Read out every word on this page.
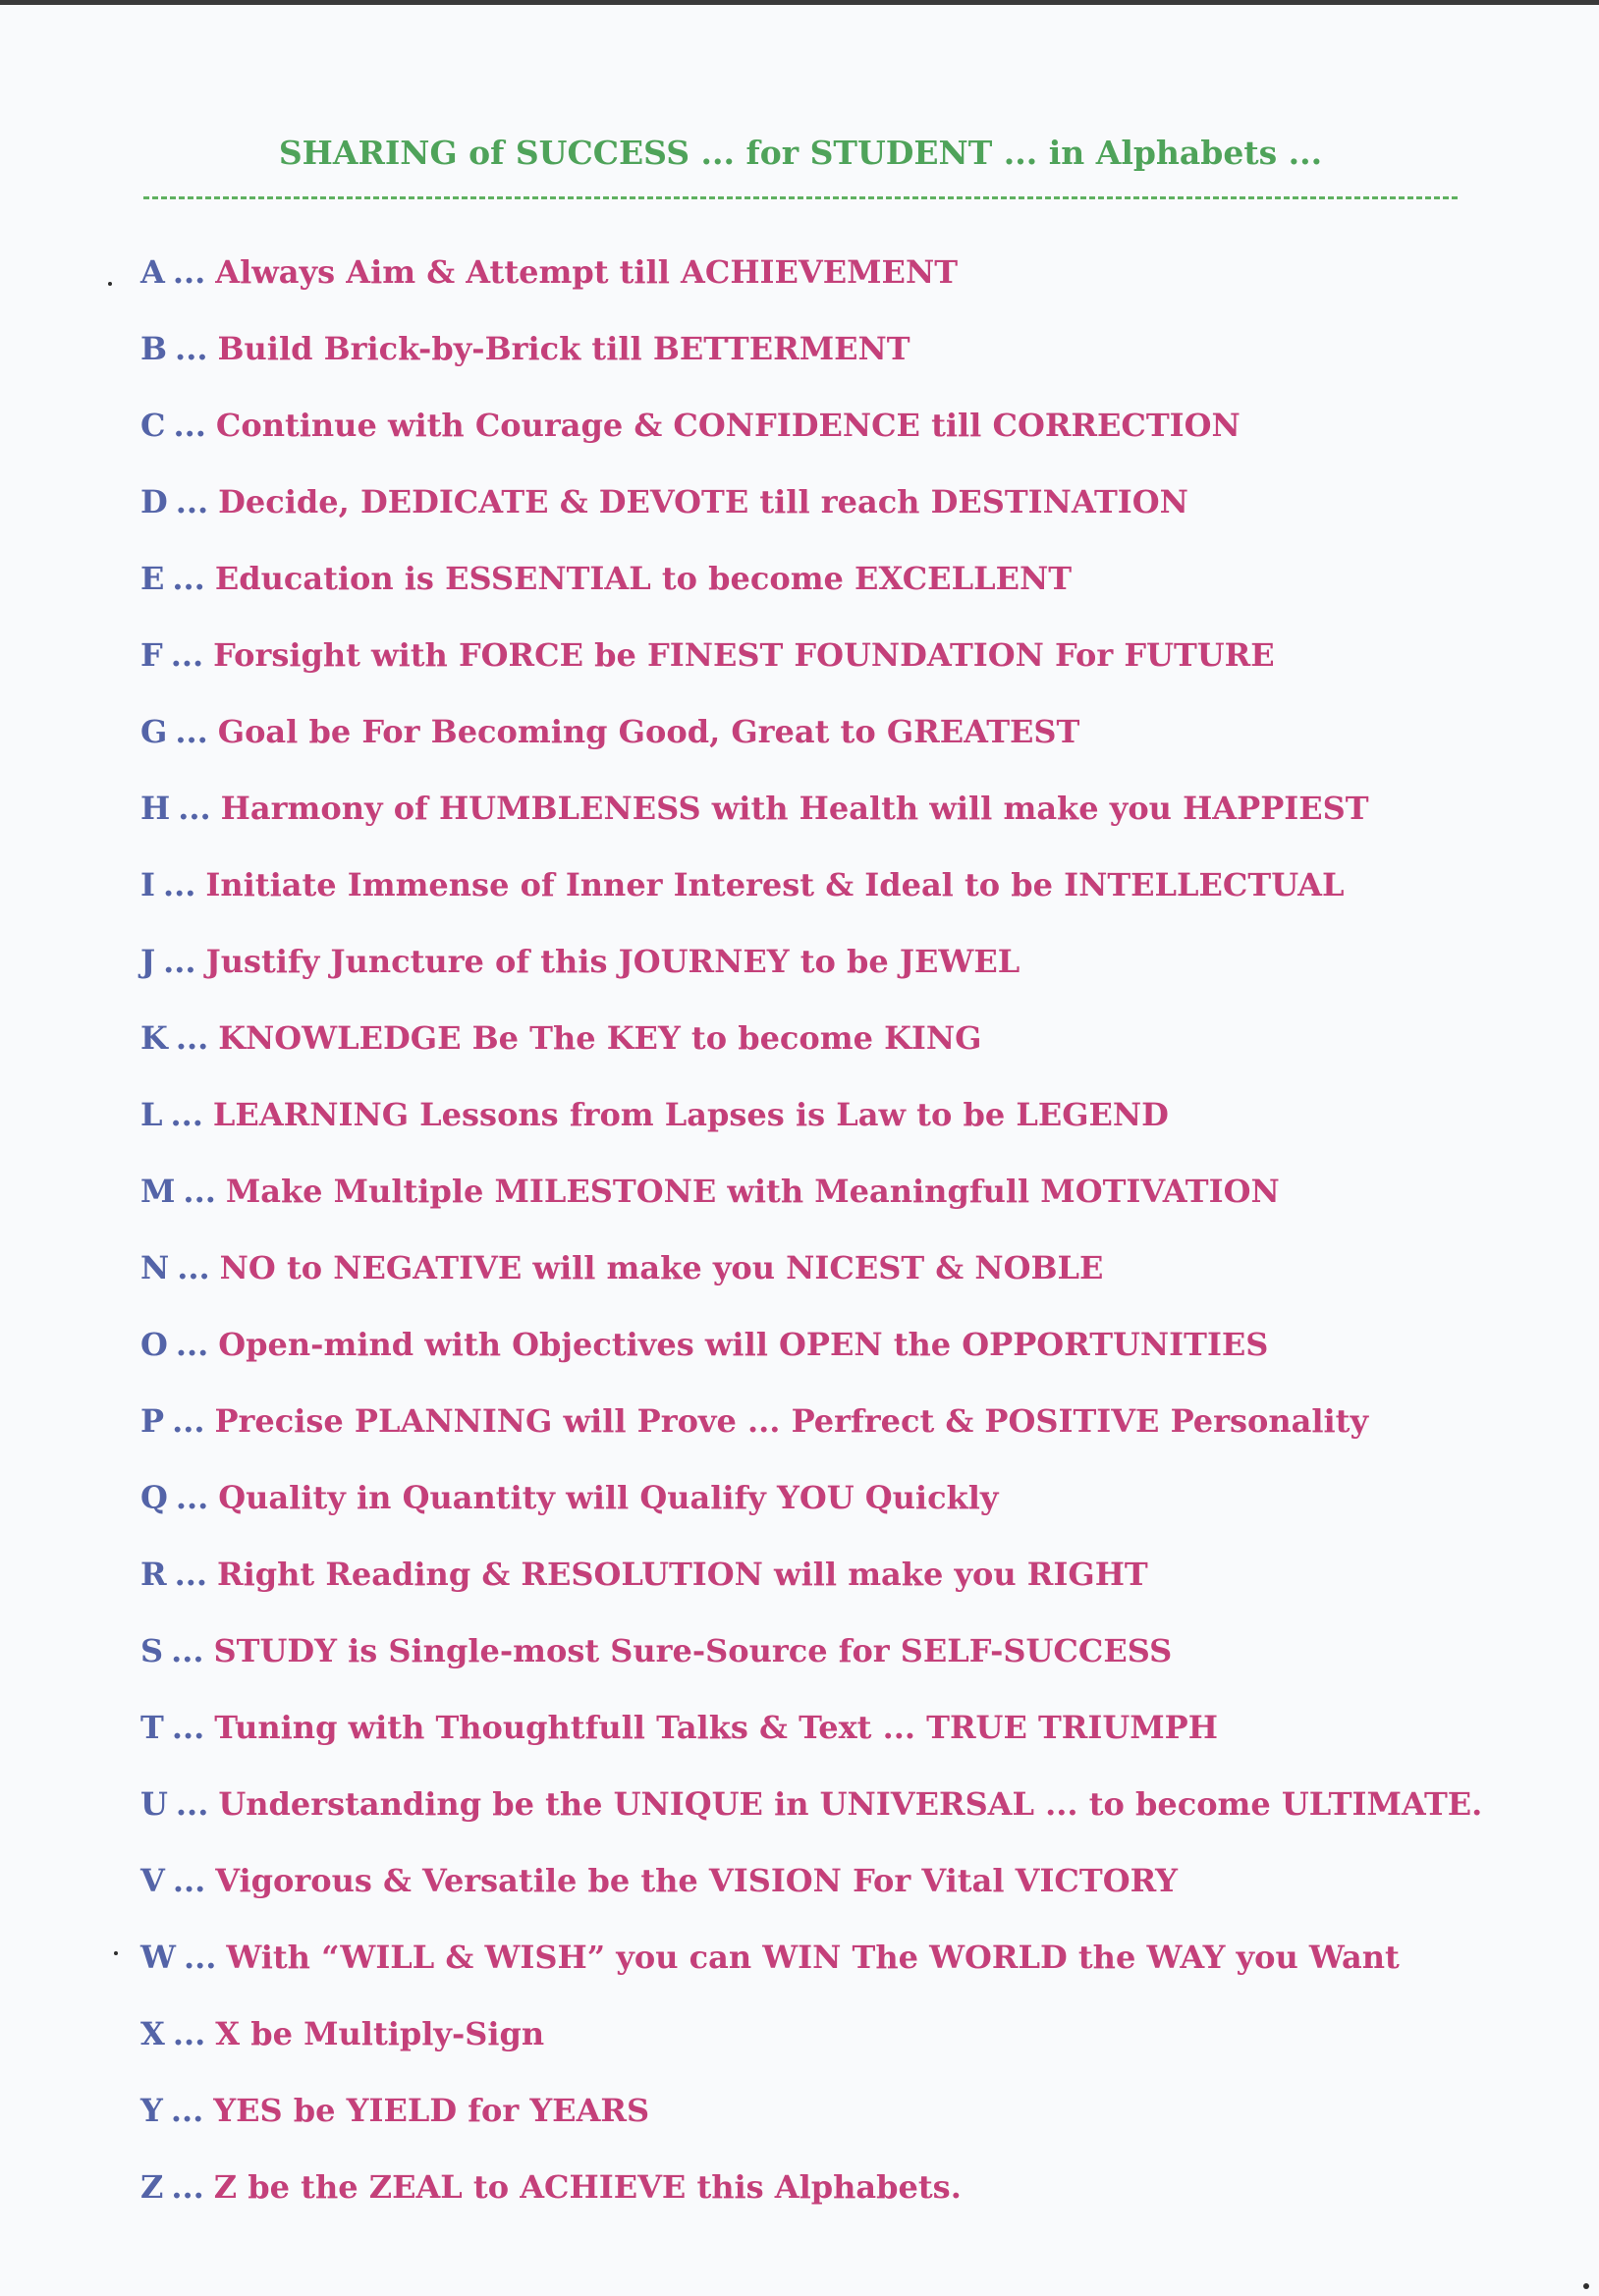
SHARING of SUCCESS ... for STUDENT ... in Alphabets ...
A ... Always Aim & Attempt till ACHIEVEMENT
B ... Build Brick-by-Brick till BETTERMENT
C ... Continue with Courage & CONFIDENCE till CORRECTION
D ... Decide, DEDICATE & DEVOTE till reach DESTINATION
E ... Education is ESSENTIAL to become EXCELLENT
F ... Forsight with FORCE be FINEST FOUNDATION For FUTURE
G ... Goal be For Becoming Good, Great to GREATEST
H ... Harmony of HUMBLENESS with Health will make you HAPPIEST
I ... Initiate Immense of Inner Interest & Ideal to be INTELLECTUAL
J ... Justify Juncture of this JOURNEY to be JEWEL
K ... KNOWLEDGE Be The KEY to become KING
L ... LEARNING Lessons from Lapses is Law to be LEGEND
M ... Make Multiple MILESTONE with Meaningfull MOTIVATION
N ... NO to NEGATIVE will make you NICEST & NOBLE
O ... Open-mind with Objectives will OPEN the OPPORTUNITIES
P ... Precise PLANNING will Prove ... Perfrect & POSITIVE Personality
Q ... Quality in Quantity will Qualify YOU Quickly
R ... Right Reading & RESOLUTION will make you RIGHT
S ... STUDY is Single-most Sure-Source for SELF-SUCCESS
T ... Tuning with Thoughtfull Talks & Text ... TRUE TRIUMPH
U ... Understanding be the UNIQUE in UNIVERSAL ... to become ULTIMATE.
V ... Vigorous & Versatile be the VISION For Vital VICTORY
W ... With “WILL & WISH” you can WIN The WORLD the WAY you Want
X ... X be Multiply-Sign
Y ... YES be YIELD for YEARS
Z ... Z be the ZEAL to ACHIEVE this Alphabets.
